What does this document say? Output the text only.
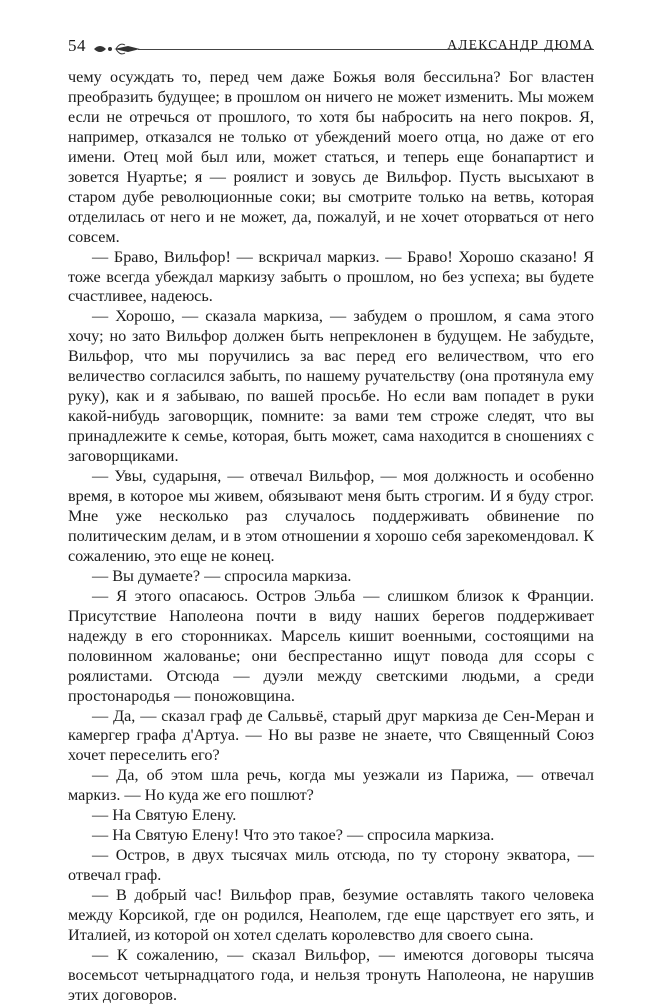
54	АЛЕКСАНДР ДЮМА

чему осуждать то, перед чем даже Божья воля бессильна? Бог властен преобразить будущее; в прошлом он ничего не может изменить. Мы можем если не отречься от прошлого, то хотя бы набросить на него покров. Я, например, отказался не только от убеждений моего отца, но даже от его имени. Отец мой был или, может статься, и теперь еще бонапартист и зовется Нуартье; я — роялист и зовусь де Вильфор. Пусть высыхают в старом дубе революционные соки; вы смотрите только на ветвь, которая отделилась от него и не может, да, пожалуй, и не хочет оторваться от него совсем.

— Браво, Вильфор! — вскричал маркиз. — Браво! Хорошо сказано! Я тоже всегда убеждал маркизу забыть о прошлом, но без успеха; вы будете счастливее, надеюсь.

— Хорошо, — сказала маркиза, — забудем о прошлом, я сама этого хочу; но зато Вильфор должен быть непреклонен в будущем. Не забудьте, Вильфор, что мы поручились за вас перед его величеством, что его величество согласился забыть, по нашему ручательству (она протянула ему руку), как и я забываю, по вашей просьбе. Но если вам попадет в руки какой-нибудь заговорщик, помните: за вами тем строже следят, что вы принадлежите к семье, которая, быть может, сама находится в сношениях с заговорщиками.

— Увы, сударыня, — отвечал Вильфор, — моя должность и особенно время, в которое мы живем, обязывают меня быть строгим. И я буду строг. Мне уже несколько раз случалось поддерживать обвинение по политическим делам, и в этом отношении я хорошо себя зарекомендовал. К сожалению, это еще не конец.

— Вы думаете? — спросила маркиза.

— Я этого опасаюсь. Остров Эльба — слишком близок к Франции. Присутствие Наполеона почти в виду наших берегов поддерживает надежду в его сторонниках. Марсель кишит военными, состоящими на половинном жалованье; они беспрестанно ищут повода для ссоры с роялистами. Отсюда — дуэли между светскими людьми, а среди простонародья — поножовщина.

— Да, — сказал граф де Сальвьё, старый друг маркиза де Сен-Меран и камергер графа д'Артуа. — Но вы разве не знаете, что Священный Союз хочет переселить его?

— Да, об этом шла речь, когда мы уезжали из Парижа, — отвечал маркиз. — Но куда же его пошлют?

— На Святую Елену.

— На Святую Елену! Что это такое? — спросила маркиза.

— Остров, в двух тысячах миль отсюда, по ту сторону экватора, — отвечал граф.

— В добрый час! Вильфор прав, безумие оставлять такого человека между Корсикой, где он родился, Неаполем, где еще царствует его зять, и Италией, из которой он хотел сделать королевство для своего сына.

— К сожалению, — сказал Вильфор, — имеются договоры тысяча восемьсот четырнадцатого года, и нельзя тронуть Наполеона, не нарушив этих договоров.
